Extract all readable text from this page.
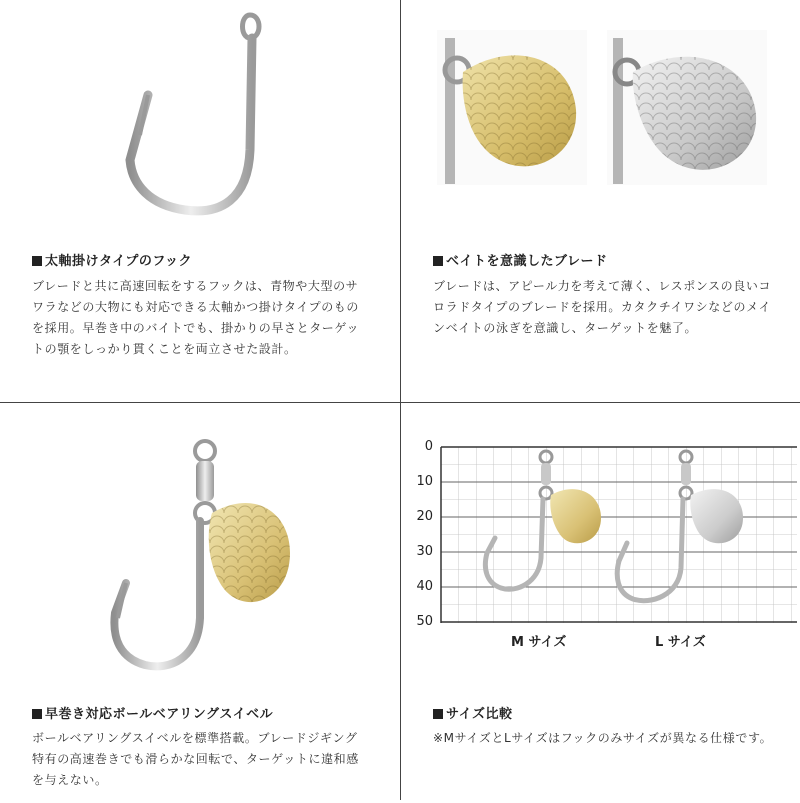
太軸掛けタイプのフック
ブレードと共に高速回転をするフックは、青物や大型のサワラなどの大物にも対応できる太軸かつ掛けタイプのものを採用。早巻き中のバイトでも、掛かりの早さとターゲットの顎をしっかり貫くことを両立させた設計。
ベイトを意識したブレード
ブレードは、アピール力を考えて薄く、レスポンスの良いコロラドタイプのブレードを採用。カタクチイワシなどのメインベイトの泳ぎを意識し、ターゲットを魅了。
早巻き対応ボールベアリングスイベル
ボールベアリングスイベルを標準搭載。ブレードジギング特有の高速巻きでも滑らかな回転で、ターゲットに違和感を与えない。
0
10
20
30
40
50
M サイズ	L サイズ
サイズ比較
※MサイズとLサイズはフックのみサイズが異なる仕様です。
